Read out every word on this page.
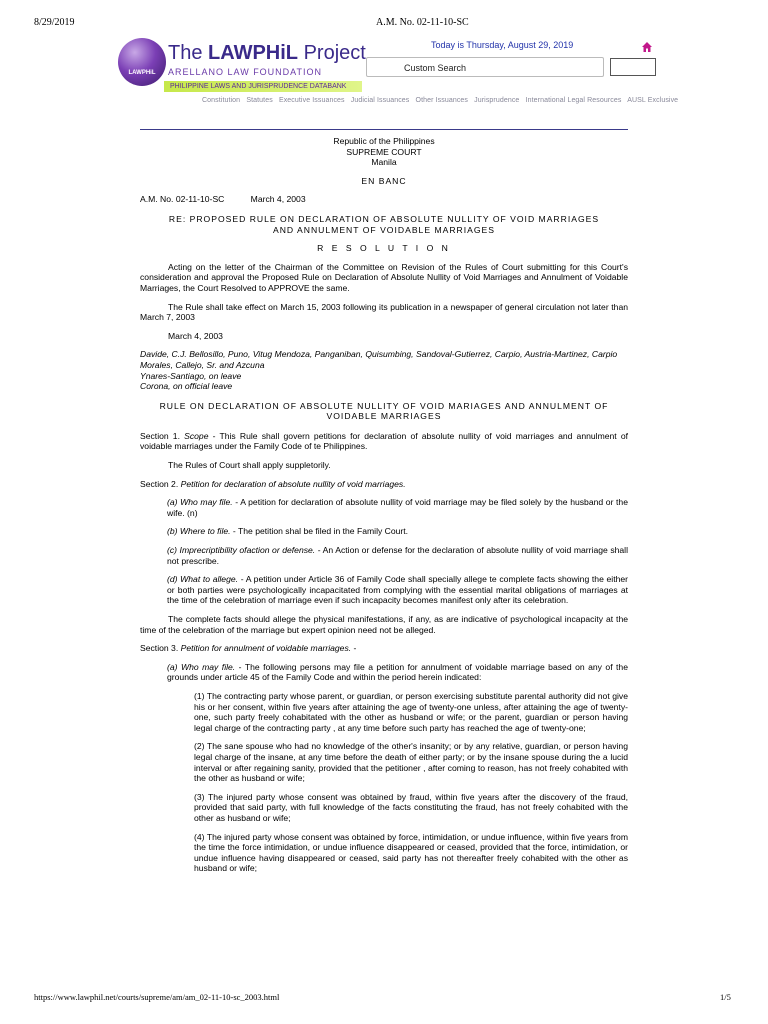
8/29/2019	A.M. No. 02-11-10-SC
LAWPHiL
The LAWPHiL Project
ARELLANO LAW FOUNDATION
PHILIPPINE LAWS AND JURISPRUDENCE DATABANK
Today is Thursday, August 29, 2019
Custom Search
Constitution Statutes Executive Issuances Judicial Issuances Other Issuances Jurisprudence International Legal Resources AUSL Exclusive

Republic of the Philippines

SUPREME COURT

Manila

EN BANC

A.M. No. 02-11-10-SC	March 4, 2003

RE: PROPOSED RULE ON DECLARATION OF ABSOLUTE NULLITY OF VOID MARRIAGES AND ANNULMENT OF VOIDABLE MARRIAGES

R E S O L U T I O N

Acting on the letter of the Chairman of the Committee on Revision of the Rules of Court submitting for this Court's consideration and approval the Proposed Rule on Declaration of Absolute Nullity of Void Marriages and Annulment of Voidable Marriages, the Court Resolved to APPROVE the same.

The Rule shall take effect on March 15, 2003 following its publication in a newspaper of general circulation not later than March 7, 2003

March 4, 2003

Davide, C.J. Bellosillo, Puno, Vitug Mendoza, Panganiban, Quisumbing, Sandoval-Gutierrez, Carpio, Austria-Martinez, Carpio Morales, Callejo, Sr. and Azcuna

Ynares-Santiago, on leave

Corona, on official leave

RULE ON DECLARATION OF ABSOLUTE NULLITY OF VOID MARIAGES AND ANNULMENT OF VOIDABLE MARRIAGES

Section 1. Scope - This Rule shall govern petitions for declaration of absolute nullity of void marriages and annulment of voidable marriages under the Family Code of te Philippines.

The Rules of Court shall apply suppletorily.

Section 2. Petition for declaration of absolute nullity of void marriages.

(a) Who may file. - A petition for declaration of absolute nullity of void marriage may be filed solely by the husband or the wife. (n)

(b) Where to file. - The petition shal be filed in the Family Court.

(c) Imprecriptibility ofaction or defense. - An Action or defense for the declaration of absolute nullity of void marriage shall not prescribe.

(d) What to allege. - A petition under Article 36 of Family Code shall specially allege te complete facts showing the either or both parties were psychologically incapacitated from complying with the essential marital obligations of marriages at the time of the celebration of marriage even if such incapacity becomes manifest only after its celebration.

The complete facts should allege the physical manifestations, if any, as are indicative of psychological incapacity at the time of the celebration of the marriage but expert opinion need not be alleged.

Section 3. Petition for annulment of voidable marriages. -

(a) Who may file. - The following persons may file a petition for annulment of voidable marriage based on any of the grounds under article 45 of the Family Code and within the period herein indicated:

(1) The contracting party whose parent, or guardian, or person exercising substitute parental authority did not give his or her consent, within five years after attaining the age of twenty-one unless, after attaining the age of twenty-one, such party freely cohabitated with the other as husband or wife; or the parent, guardian or person having legal charge of the contracting party , at any time before such party has reached the age of twenty-one;

(2) The sane spouse who had no knowledge of the other's insanity; or by any relative, guardian, or person having legal charge of the insane, at any time before the death of either party; or by the insane spouse during the a lucid interval or after regaining sanity, provided that the petitioner , after coming to reason, has not freely cohabited with the other as husband or wife;

(3) The injured party whose consent was obtained by fraud, within five years after the discovery of the fraud, provided that said party, with full knowledge of the facts constituting the fraud, has not freely cohabited with the other as husband or wife;

(4) The injured party whose consent was obtained by force, intimidation, or undue influence, within five years from the time the force intimidation, or undue influence disappeared or ceased, provided that the force, intimidation, or undue influence having disappeared or ceased, said party has not thereafter freely cohabited with the other as husband or wife;

https://www.lawphil.net/courts/supreme/am/am_02-11-10-sc_2003.html	1/5
